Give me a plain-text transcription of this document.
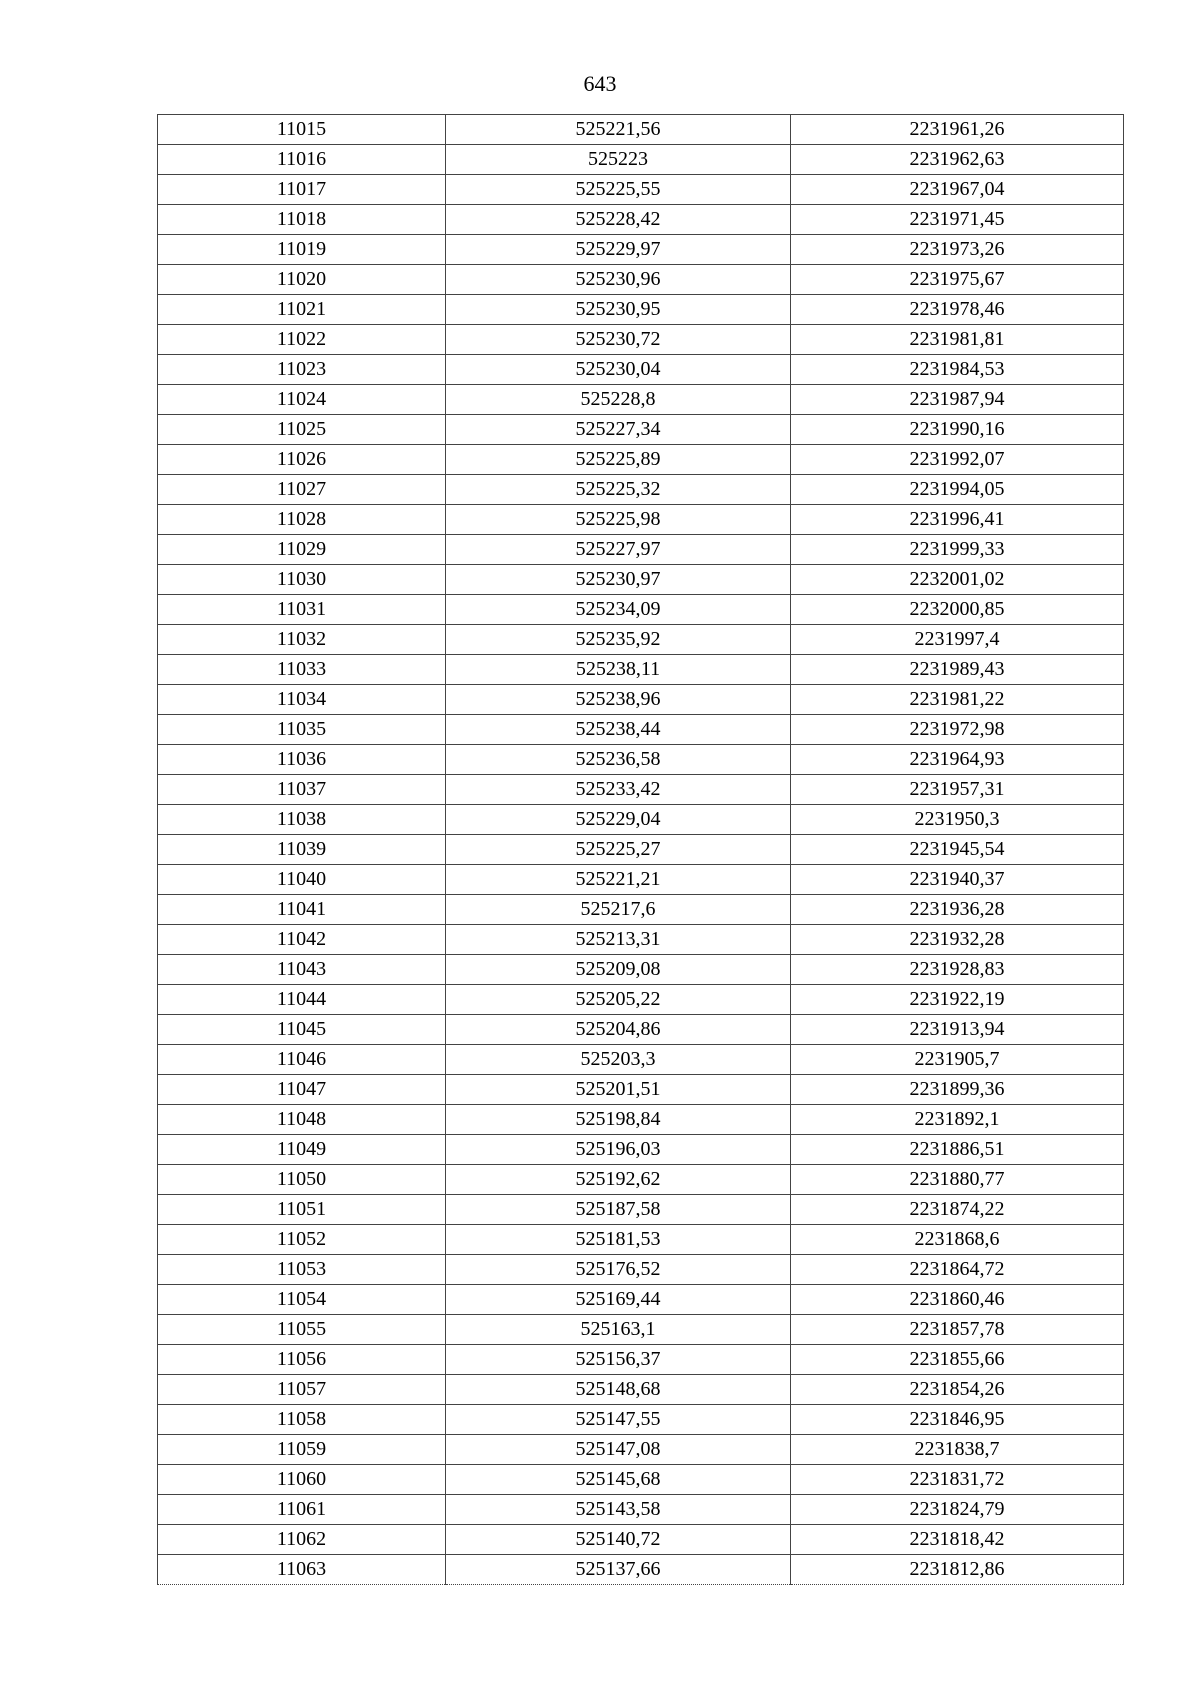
643
11015	525221,56	2231961,26
11016	525223	2231962,63
11017	525225,55	2231967,04
11018	525228,42	2231971,45
11019	525229,97	2231973,26
11020	525230,96	2231975,67
11021	525230,95	2231978,46
11022	525230,72	2231981,81
11023	525230,04	2231984,53
11024	525228,8	2231987,94
11025	525227,34	2231990,16
11026	525225,89	2231992,07
11027	525225,32	2231994,05
11028	525225,98	2231996,41
11029	525227,97	2231999,33
11030	525230,97	2232001,02
11031	525234,09	2232000,85
11032	525235,92	2231997,4
11033	525238,11	2231989,43
11034	525238,96	2231981,22
11035	525238,44	2231972,98
11036	525236,58	2231964,93
11037	525233,42	2231957,31
11038	525229,04	2231950,3
11039	525225,27	2231945,54
11040	525221,21	2231940,37
11041	525217,6	2231936,28
11042	525213,31	2231932,28
11043	525209,08	2231928,83
11044	525205,22	2231922,19
11045	525204,86	2231913,94
11046	525203,3	2231905,7
11047	525201,51	2231899,36
11048	525198,84	2231892,1
11049	525196,03	2231886,51
11050	525192,62	2231880,77
11051	525187,58	2231874,22
11052	525181,53	2231868,6
11053	525176,52	2231864,72
11054	525169,44	2231860,46
11055	525163,1	2231857,78
11056	525156,37	2231855,66
11057	525148,68	2231854,26
11058	525147,55	2231846,95
11059	525147,08	2231838,7
11060	525145,68	2231831,72
11061	525143,58	2231824,79
11062	525140,72	2231818,42
11063	525137,66	2231812,86
